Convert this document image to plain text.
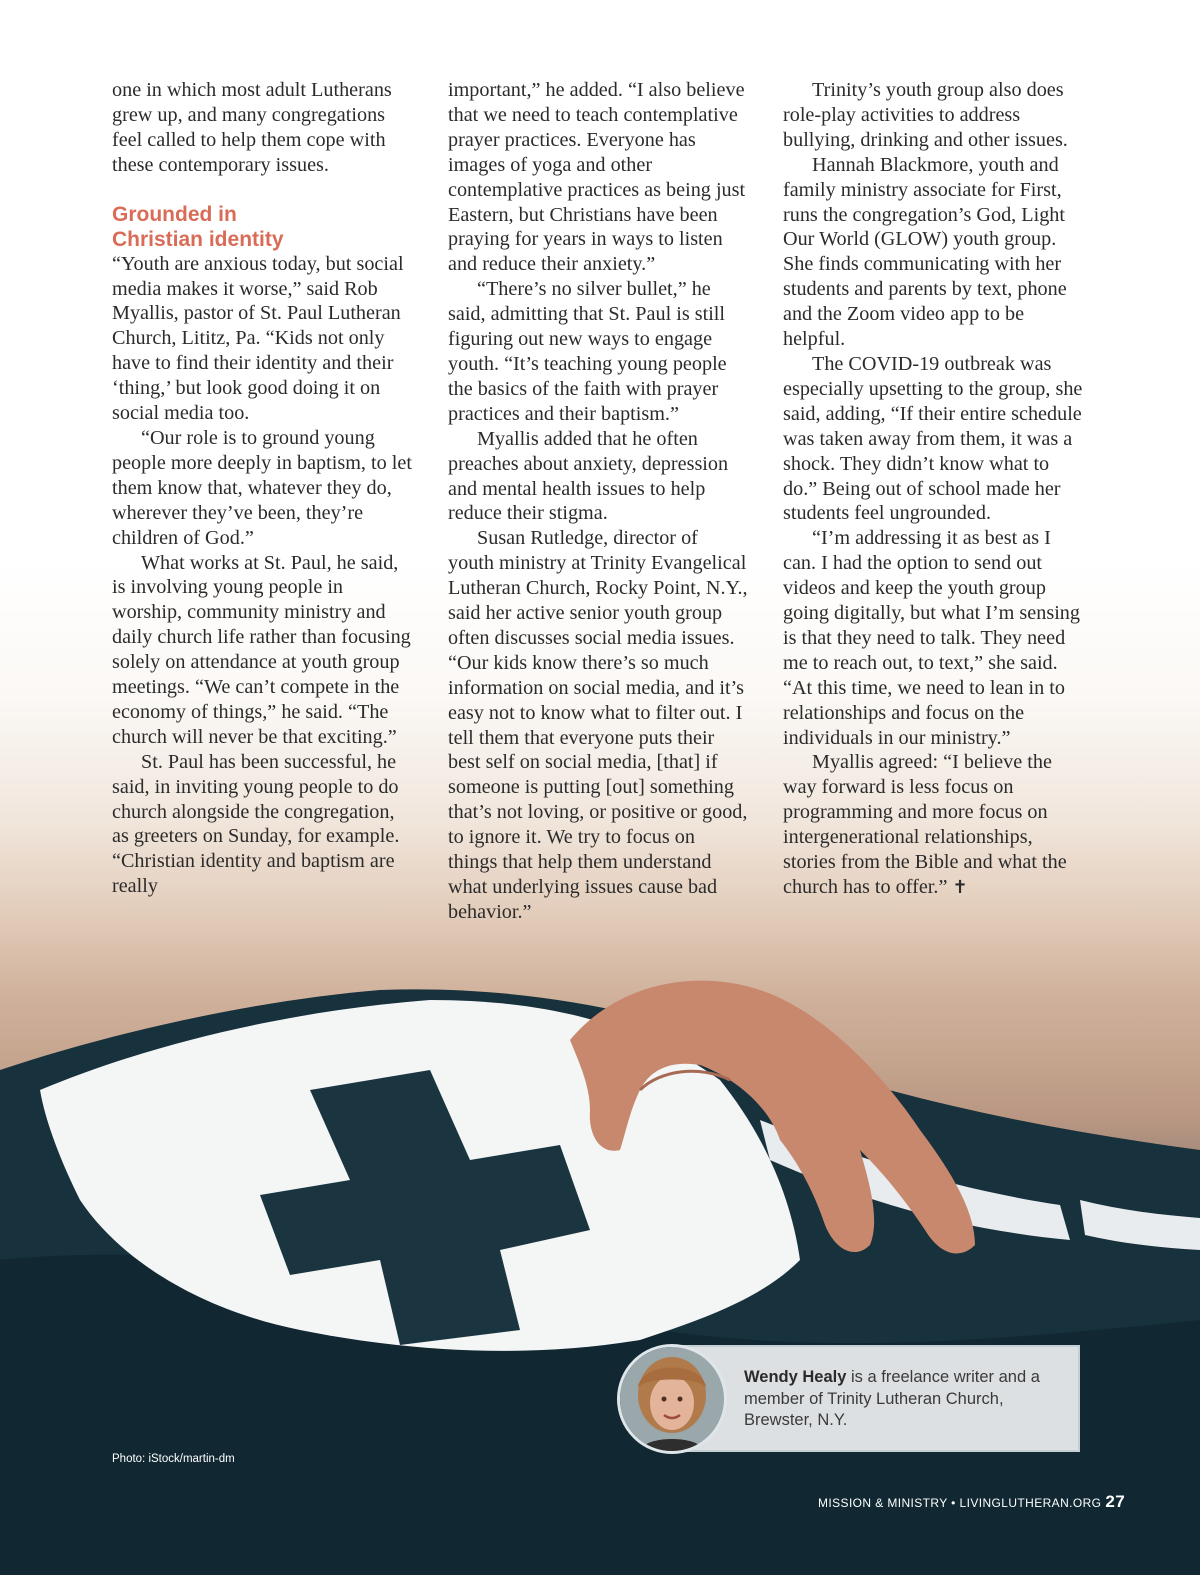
one in which most adult Lutherans grew up, and many congregations feel called to help them cope with these contemporary issues.

Grounded in
Christian identity

“Youth are anxious today, but social media makes it worse,” said Rob Myallis, pastor of St. Paul Lutheran Church, Lititz, Pa. “Kids not only have to find their identity and their ‘thing,’ but look good doing it on social media too.

“Our role is to ground young people more deeply in baptism, to let them know that, whatever they do, wherever they’ve been, they’re children of God.”

What works at St. Paul, he said, is involving young people in worship, community ministry and daily church life rather than focusing solely on attendance at youth group meetings. “We can’t compete in the economy of things,” he said. “The church will never be that exciting.”

St. Paul has been successful, he said, in inviting young people to do church alongside the congregation, as greeters on Sunday, for example. “Christian identity and baptism are really

important,” he added. “I also believe that we need to teach contemplative prayer practices. Everyone has images of yoga and other contemplative practices as being just Eastern, but Christians have been praying for years in ways to listen and reduce their anxiety.”

“There’s no silver bullet,” he said, admitting that St. Paul is still figuring out new ways to engage youth. “It’s teaching young people the basics of the faith with prayer practices and their baptism.”

Myallis added that he often preaches about anxiety, depression and mental health issues to help reduce their stigma.

Susan Rutledge, director of youth ministry at Trinity Evangelical Lutheran Church, Rocky Point, N.Y., said her active senior youth group often discusses social media issues. “Our kids know there’s so much information on social media, and it’s easy not to know what to filter out. I tell them that everyone puts their best self on social media, [that] if someone is putting [out] something that’s not loving, or positive or good, to ignore it. We try to focus on things that help them understand what underlying issues cause bad behavior.”

Trinity’s youth group also does role-play activities to address bullying, drinking and other issues.

Hannah Blackmore, youth and family ministry associate for First, runs the congregation’s God, Light Our World (GLOW) youth group. She finds communicating with her students and parents by text, phone and the Zoom video app to be helpful.

The COVID-19 outbreak was especially upsetting to the group, she said, adding, “If their entire schedule was taken away from them, it was a shock. They didn’t know what to do.” Being out of school made her students feel ungrounded.

“I’m addressing it as best as I can. I had the option to send out videos and keep the youth group going digitally, but what I’m sensing is that they need to talk. They need me to reach out, to text,” she said. “At this time, we need to lean in to relationships and focus on the individuals in our ministry.”

Myallis agreed: “I believe the way forward is less focus on programming and more focus on intergenerational relationships, stories from the Bible and what the church has to offer.” ✝

Wendy Healy is a freelance writer and a member of Trinity Lutheran Church, Brewster, N.Y.
Photo: iStock/martin-dm
MISSION & MINISTRY • LIVINGLUTHERAN.ORG 27
